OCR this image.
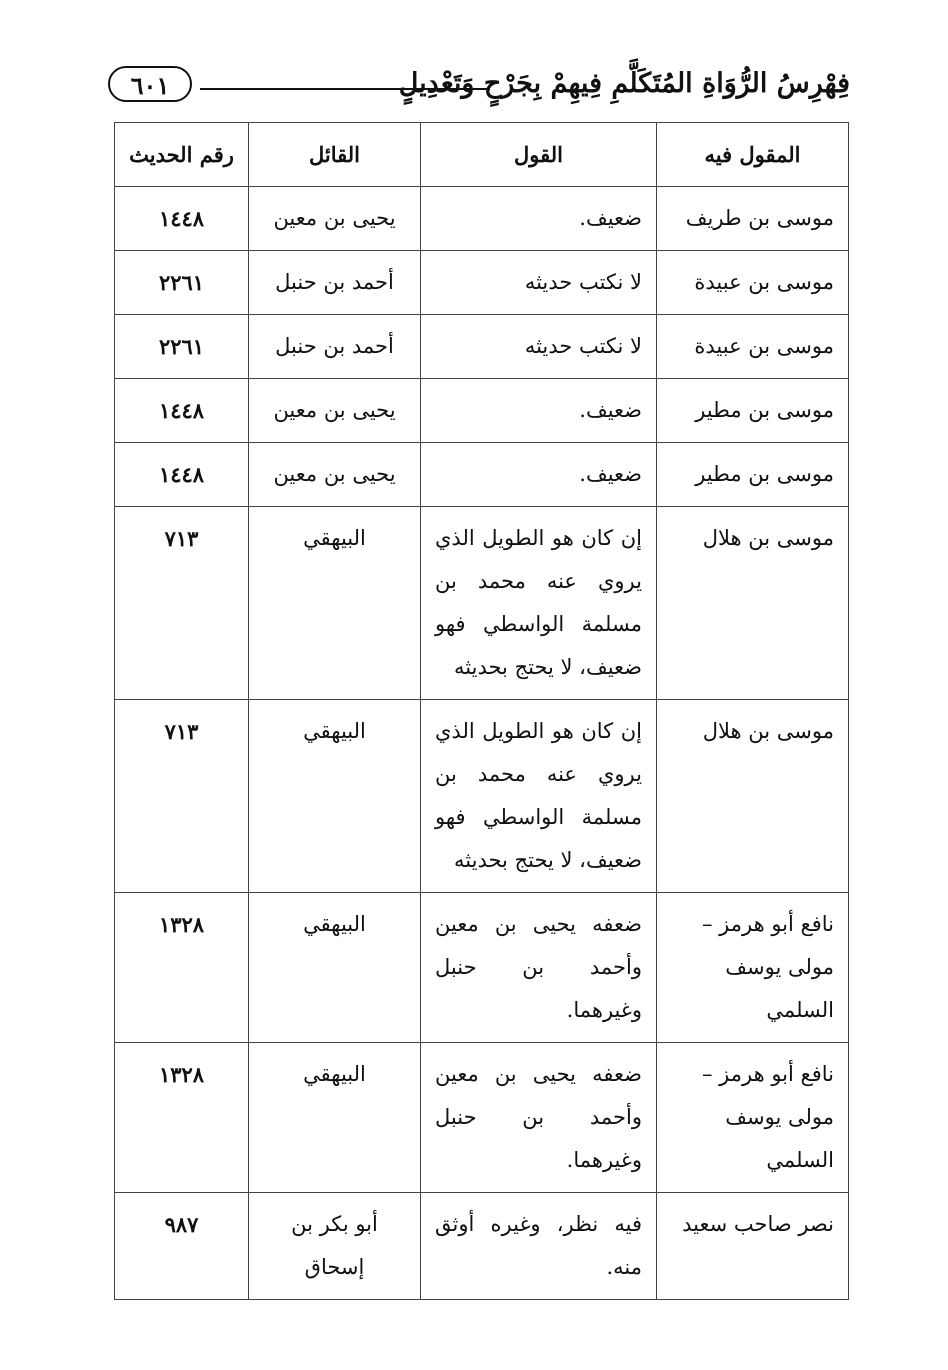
فِهْرِسُ الرُّوَاةِ المُتَكَلَّمِ فِيهِمْ بِجَرْحٍ وَتَعْدِيلٍ
٦٠١
المقول فيه	القول	القائل	رقم الحديث
موسى بن طريف	ضعيف.	يحيى بن معين	١٤٤٨
موسى بن عبيدة	لا نكتب حديثه	أحمد بن حنبل	٢٢٦١
موسى بن عبيدة	لا نكتب حديثه	أحمد بن حنبل	٢٢٦١
موسى بن مطير	ضعيف.	يحيى بن معين	١٤٤٨
موسى بن مطير	ضعيف.	يحيى بن معين	١٤٤٨
موسى بن هلال	إن كان هو الطويل الذي يروي عنه محمد بن مسلمة الواسطي فهو ضعيف، لا يحتج بحديثه	البيهقي	٧١٣
موسى بن هلال	إن كان هو الطويل الذي يروي عنه محمد بن مسلمة الواسطي فهو ضعيف، لا يحتج بحديثه	البيهقي	٧١٣
نافع أبو هرمز – مولى يوسف السلمي	ضعفه يحيى بن معين وأحمد بن حنبل وغيرهما.	البيهقي	١٣٢٨
نافع أبو هرمز – مولى يوسف السلمي	ضعفه يحيى بن معين وأحمد بن حنبل وغيرهما.	البيهقي	١٣٢٨
نصر صاحب سعيد	فيه نظر، وغيره أوثق منه.	أبو بكر بن إسحاق	٩٨٧
